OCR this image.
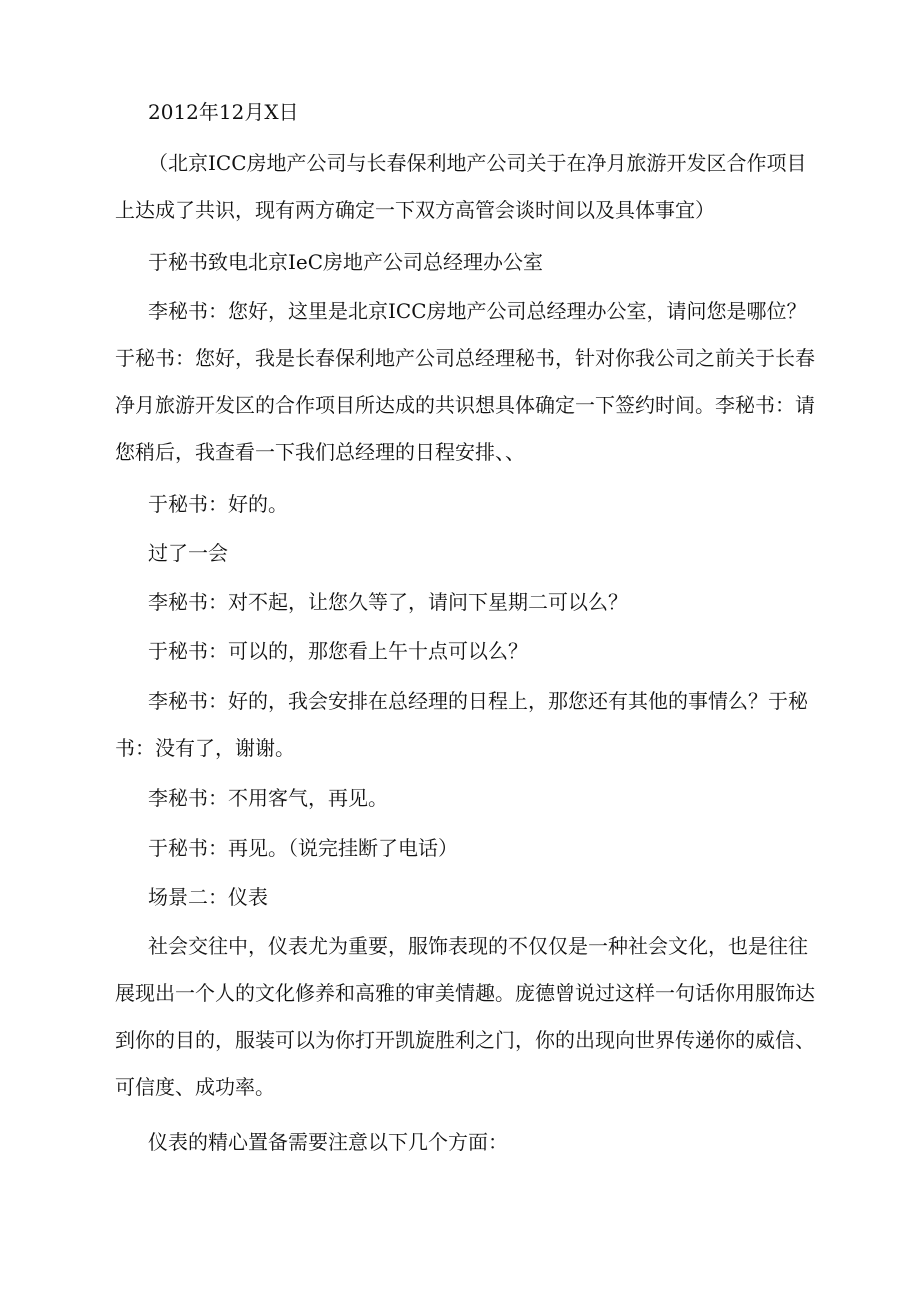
2012年12月X日

（北京ICC房地产公司与长春保利地产公司关于在净月旅游开发区合作项目上达成了共识，现有两方确定一下双方高管会谈时间以及具体事宜）

于秘书致电北京IeC房地产公司总经理办公室

李秘书：您好，这里是北京ICC房地产公司总经理办公室，请问您是哪位？于秘书：您好，我是长春保利地产公司总经理秘书，针对你我公司之前关于长春净月旅游开发区的合作项目所达成的共识想具体确定一下签约时间。李秘书：请您稍后，我查看一下我们总经理的日程安排、、

于秘书：好的。

过了一会

李秘书：对不起，让您久等了，请问下星期二可以么？

于秘书：可以的，那您看上午十点可以么？

李秘书：好的，我会安排在总经理的日程上，那您还有其他的事情么？于秘书：没有了，谢谢。

李秘书：不用客气，再见。

于秘书：再见。（说完挂断了电话）

场景二：仪表

社会交往中，仪表尤为重要，服饰表现的不仅仅是一种社会文化，也是往往展现出一个人的文化修养和高雅的审美情趣。庞德曾说过这样一句话你用服饰达到你的目的，服装可以为你打开凯旋胜利之门，你的出现向世界传递你的威信、可信度、成功率。

仪表的精心置备需要注意以下几个方面：
